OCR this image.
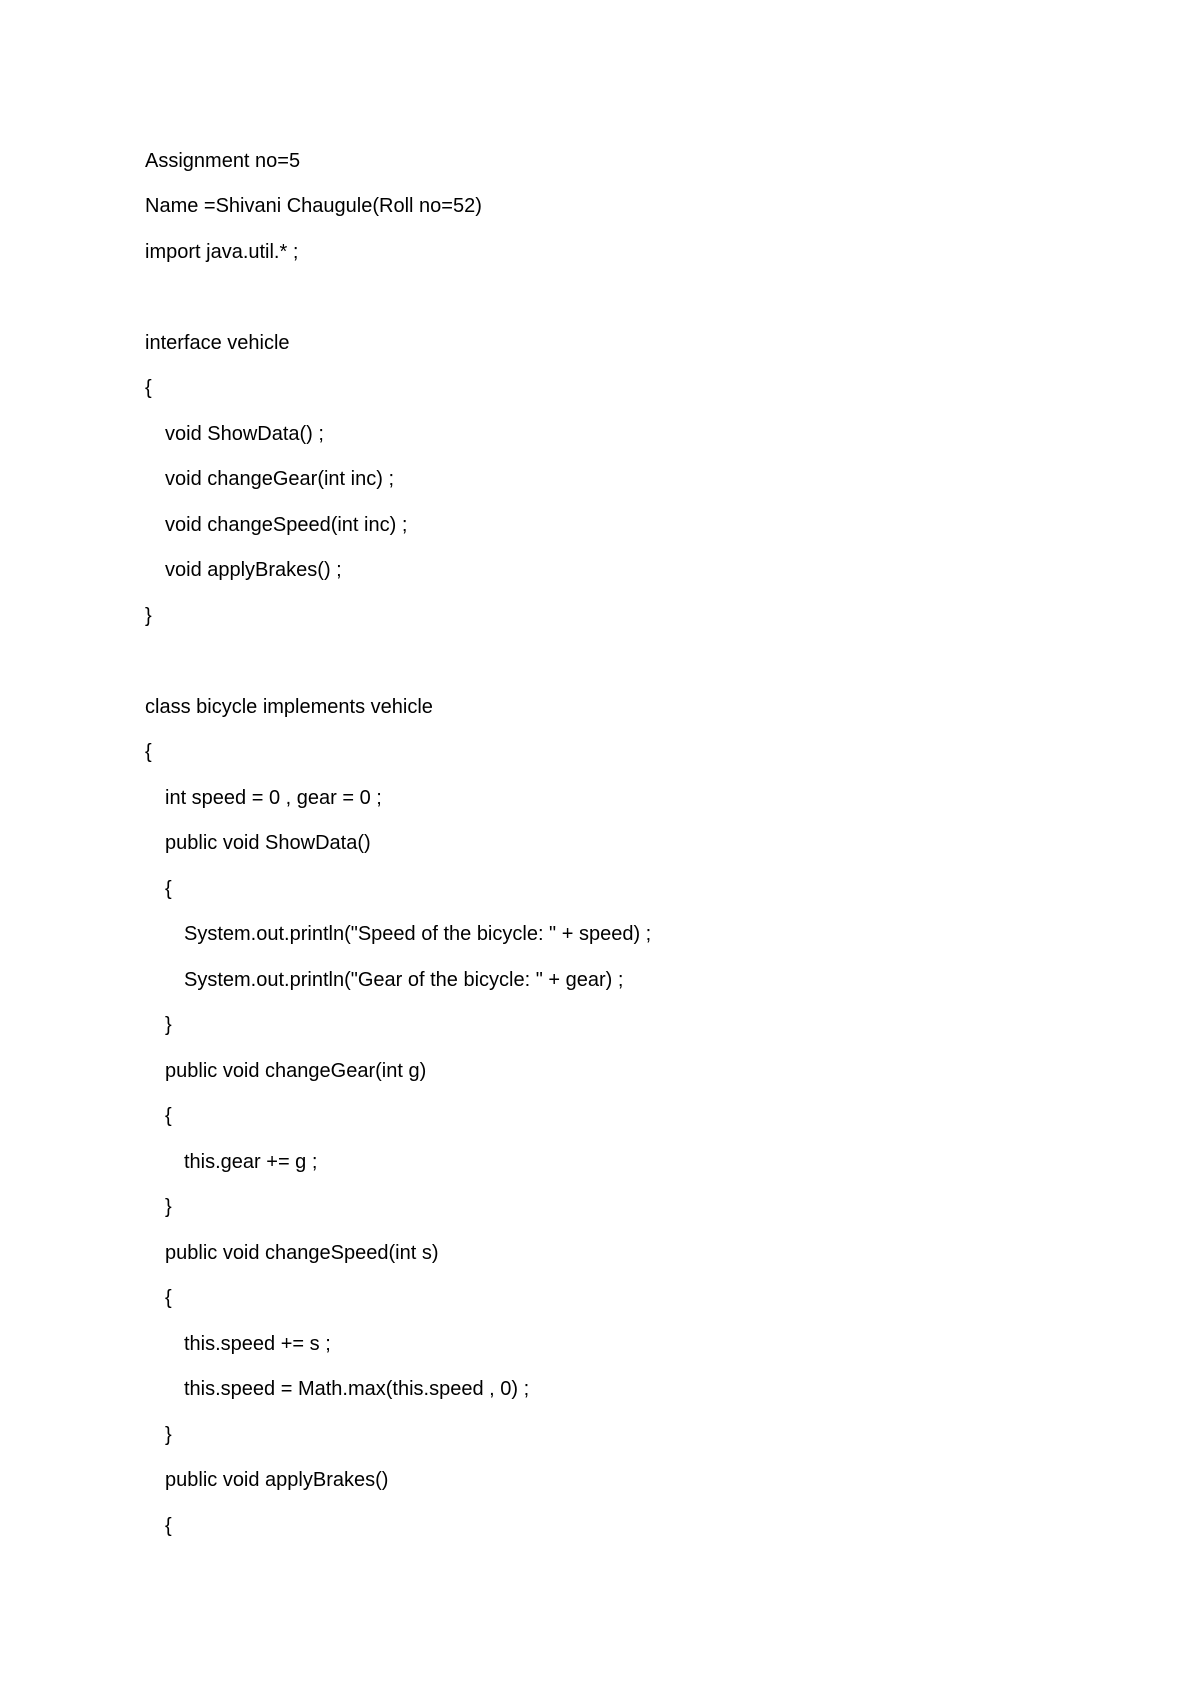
Assignment no=5

Name =Shivani Chaugule(Roll no=52)

import java.util.* ;

interface vehicle

{

void ShowData() ;

void changeGear(int inc) ;

void changeSpeed(int inc) ;

void applyBrakes() ;

}

class bicycle implements vehicle

{

int speed = 0 , gear = 0 ;

public void ShowData()

{

System.out.println("Speed of the bicycle: " + speed) ;

System.out.println("Gear of the bicycle: " + gear) ;

}

public void changeGear(int g)

{

this.gear += g ;

}

public void changeSpeed(int s)

{

this.speed += s ;

this.speed = Math.max(this.speed , 0) ;

}

public void applyBrakes()

{
